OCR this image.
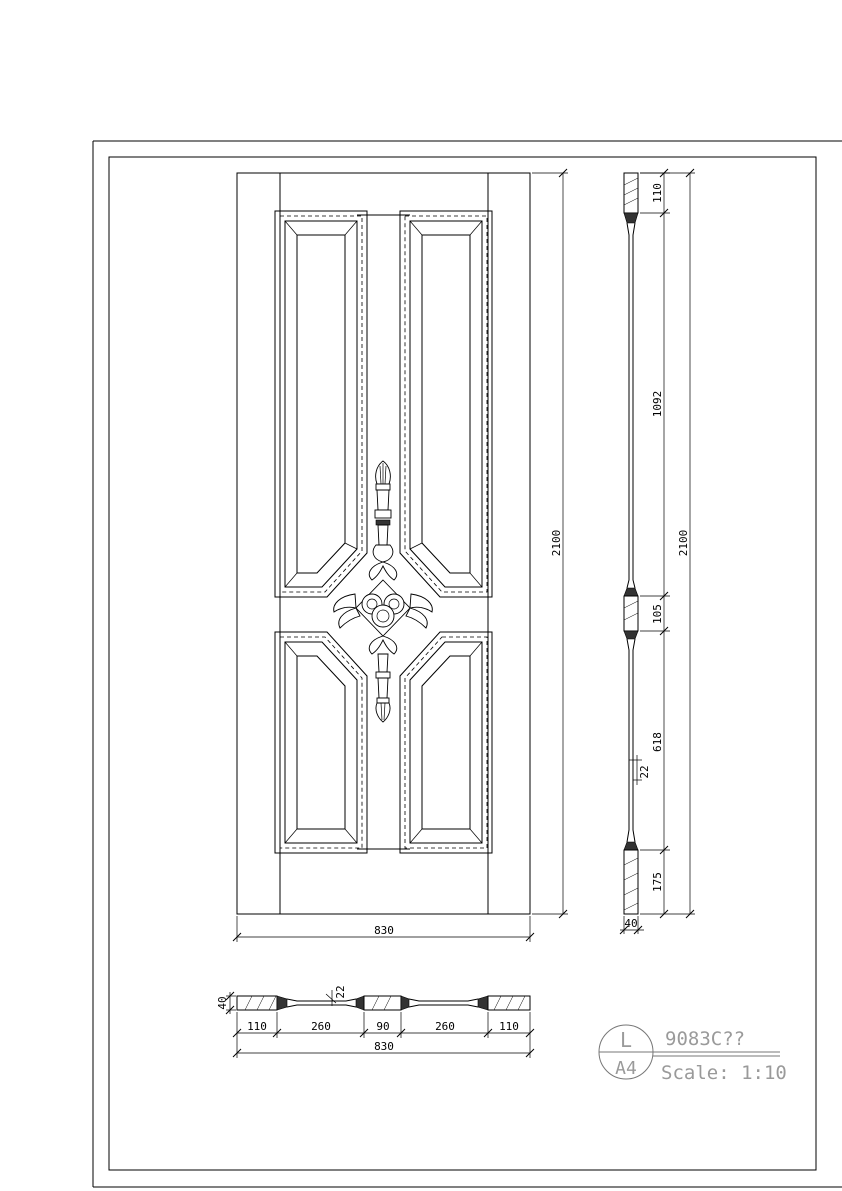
830
2100
110
1092
105
618
175
22
2100
40
40
22
110	260	90	260	110
830	L
A4
9083C??
Scale: 1:10
